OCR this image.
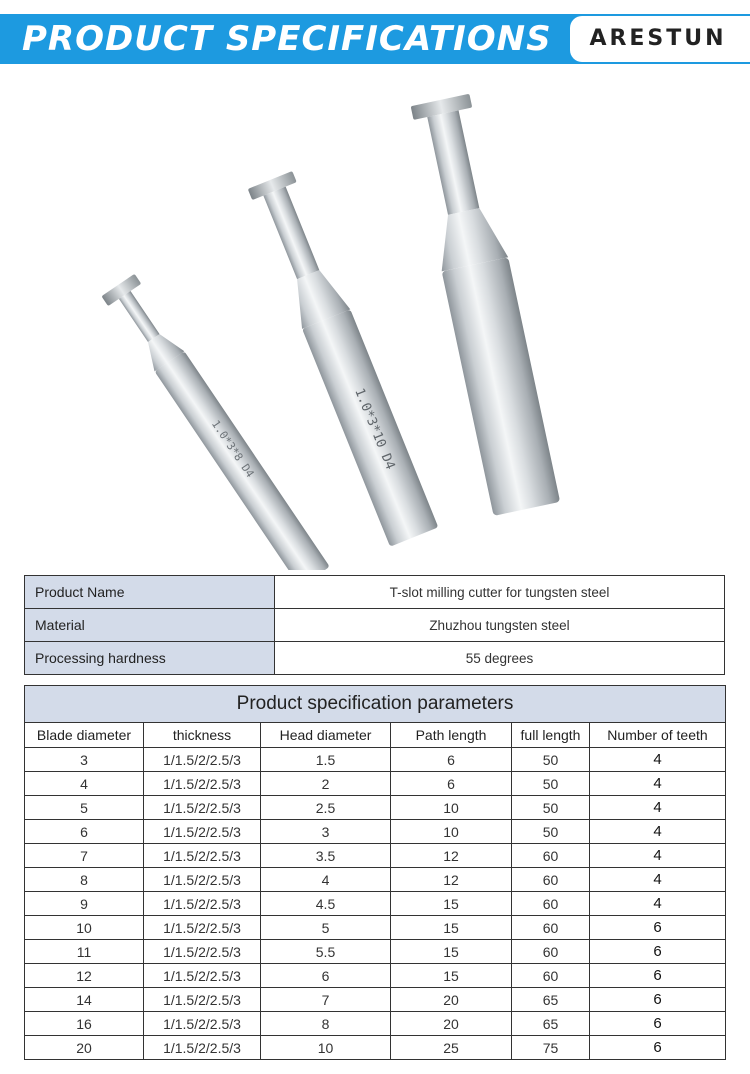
PRODUCT SPECIFICATIONS	ARESTUN
1.0*3*8 D4	1.0*3*10 D4
Product Name	T-slot milling cutter for tungsten steel
Material	Zhuzhou tungsten steel
Processing hardness	55 degrees
Product specification parameters					
Blade diameter	thickness	Head diameter	Path length	full length	Number of teeth
3	1/1.5/2/2.5/3	1.5	6	50	4
4	1/1.5/2/2.5/3	2	6	50	4
5	1/1.5/2/2.5/3	2.5	10	50	4
6	1/1.5/2/2.5/3	3	10	50	4
7	1/1.5/2/2.5/3	3.5	12	60	4
8	1/1.5/2/2.5/3	4	12	60	4
9	1/1.5/2/2.5/3	4.5	15	60	4
10	1/1.5/2/2.5/3	5	15	60	6
11	1/1.5/2/2.5/3	5.5	15	60	6
12	1/1.5/2/2.5/3	6	15	60	6
14	1/1.5/2/2.5/3	7	20	65	6
16	1/1.5/2/2.5/3	8	20	65	6
20	1/1.5/2/2.5/3	10	25	75	6
